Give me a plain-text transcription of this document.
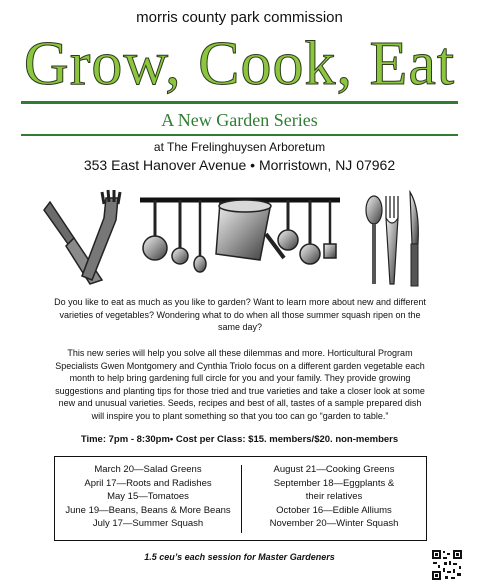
morris county park commission
Grow, Cook, Eat
A New Garden Series
at The Frelinghuysen Arboretum
353 East Hanover Avenue • Morristown, NJ 07962

Do you like to eat as much as you like to garden? Want to learn more about new and different varieties of vegetables? Wondering what to do when all those summer squash ripen on the same day?

This new series will help you solve all these dilemmas and more. Horticultural Program Specialists Gwen Montgomery and Cynthia Triolo focus on a different garden vegetable each month to help bring gardening full circle for you and your family. They provide growing suggestions and planting tips for those tried and true varieties and take a closer look at some new and unusual varieties. Seeds, recipes and best of all, tastes of a sample prepared dish will inspire you to plant something so that you too can go “garden to table.”

Time: 7pm - 8:30pm• Cost per Class: $15. members/$20. non-members
March 20—Salad Greens
April 17—Roots and Radishes
May 15—Tomatoes
June 19—Beans, Beans & More Beans
July 17—Summer Squash
August 21—Cooking Greens
September 18—Eggplants &
their relatives
October 16—Edible Alliums
November 20—Winter Squash
1.5 ceu’s each session for Master Gardeners
